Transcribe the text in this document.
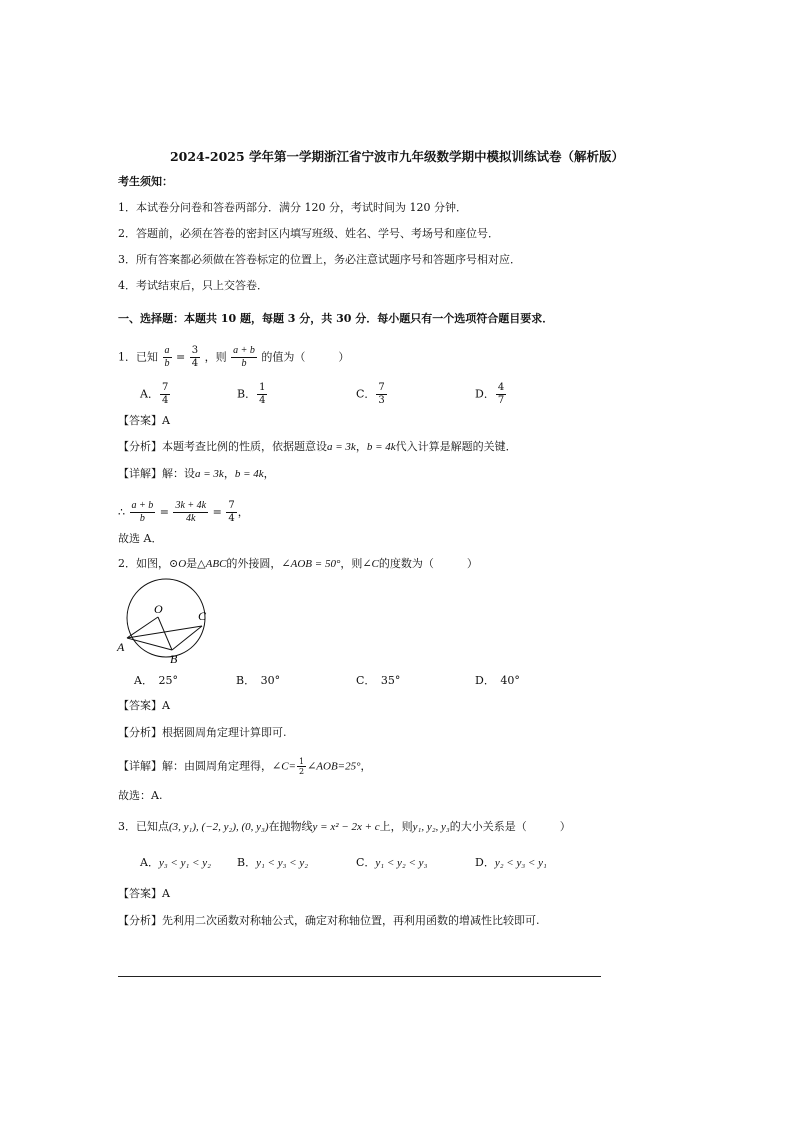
2024-2025 学年第一学期浙江省宁波市九年级数学期中模拟训练试卷（解析版）
考生须知：
1．本试卷分问卷和答卷两部分．满分 120 分，考试时间为 120 分钟．
2．答题前，必须在答卷的密封区内填写班级、姓名、学号、考场号和座位号．
3．所有答案都必须做在答卷标定的位置上，务必注意试题序号和答题序号相对应．
4．考试结束后，只上交答卷．
一、选择题：本题共 10 题，每题 3 分，共 30 分．每小题只有一个选项符合题目要求．
1．已知 $\frac{a}{b} = \frac{3}{4}$ ，则 $\frac{a + b}{b}$ 的值为（　　　）
A． $\frac{7}{4}$	B． $\frac{1}{4}$	C． $\frac{7}{3}$	D． $\frac{4}{7}$
【答案】A
【分析】本题考查比例的性质，依据题意设a = 3k，b = 4k代入计算是解题的关键．
【详解】解：设a = 3k，b = 4k，
∴ $\frac{a + b}{b} = \frac{3k + 4k}{4k} = \frac{7}{4}$ ，
故选 A．
2．如图，⊙O是△ABC的外接圆，∠AOB = 50°，则∠C的度数为（　　　）
O	C
A
B
A．　25°	B．　30°	C．　35°	D．　40°
【答案】A
【分析】根据圆周角定理计算即可.
【详解】解：由圆周角定理得，∠C= $\frac{1}{2}$ ∠AOB=25°，
故选：A.
3．已知点(3, y₁), (−2, y₂), (0, y₃)在抛物线y = x² − 2x + c上，则y₁, y₂, y₃的大小关系是（　　　）
A．y₃ < y₁ < y₂ B．y₁ < y₃ < y₂	C．y₁ < y₂ < y₃	D．y₂ < y₃ < y₁
【答案】A
【分析】先利用二次函数对称轴公式，确定对称轴位置，再利用函数的增减性比较即可.
